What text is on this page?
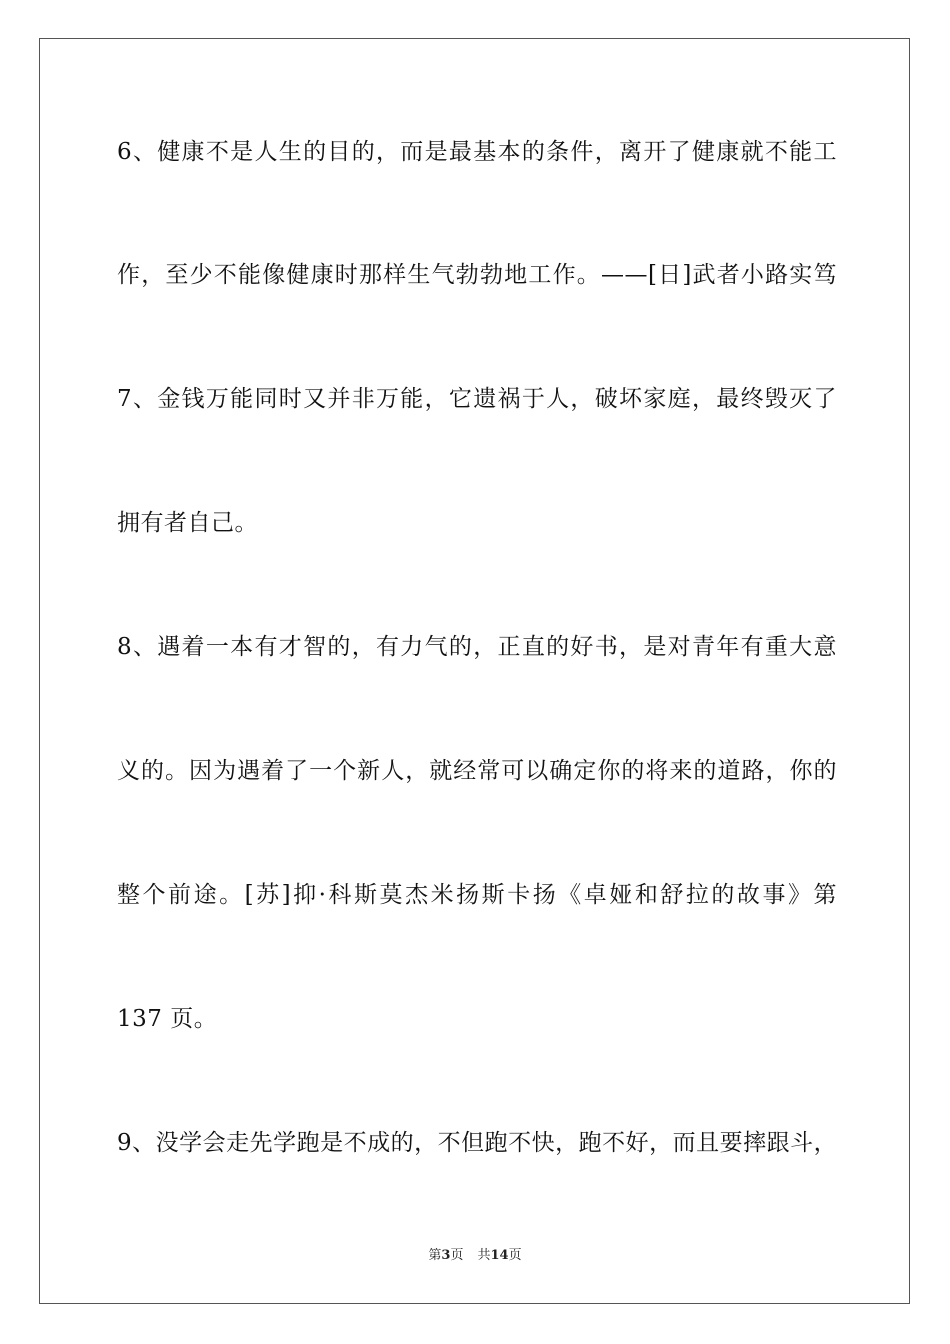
6、健康不是人生的目的，而是最基本的条件，离开了健康就不能工
作，至少不能像健康时那样生气勃勃地工作。——[日]武者小路实笃
7、金钱万能同时又并非万能，它遗祸于人，破坏家庭，最终毁灭了
拥有者自己。
8、遇着一本有才智的，有力气的，正直的好书，是对青年有重大意
义的。因为遇着了一个新人，就经常可以确定你的将来的道路，你的
整个前途。[苏]抑·科斯莫杰米扬斯卡扬《卓娅和舒拉的故事》第
137 页。
9、没学会走先学跑是不成的，不但跑不快，跑不好，而且要摔跟斗，
第3页 共14页
